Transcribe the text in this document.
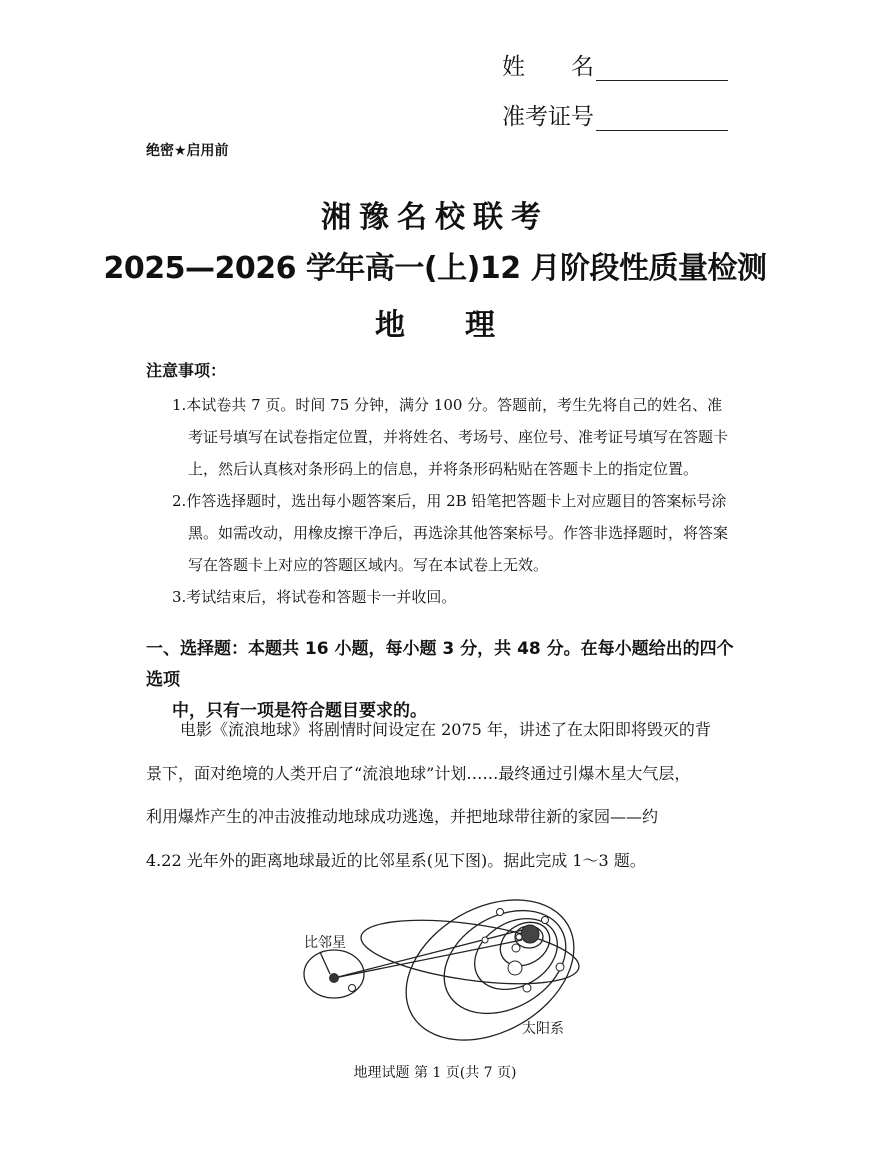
姓　　名
准考证号
绝密★启用前
湘豫名校联考
2025—2026 学年高一(上)12 月阶段性质量检测
地理
注意事项：

1.本试卷共 7 页。时间 75 分钟，满分 100 分。答题前，考生先将自己的姓名、准考证号填写在试卷指定位置，并将姓名、考场号、座位号、准考证号填写在答题卡上，然后认真核对条形码上的信息，并将条形码粘贴在答题卡上的指定位置。

2.作答选择题时，选出每小题答案后，用 2B 铅笔把答题卡上对应题目的答案标号涂黑。如需改动，用橡皮擦干净后，再选涂其他答案标号。作答非选择题时，将答案写在答题卡上对应的答题区域内。写在本试卷上无效。

3.考试结束后，将试卷和答题卡一并收回。

一、选择题：本题共 16 小题，每小题 3 分，共 48 分。在每小题给出的四个选项
中，只有一项是符合题目要求的。
电影《流浪地球》将剧情时间设定在 2075 年，讲述了在太阳即将毁灭的背
景下，面对绝境的人类开启了“流浪地球”计划……最终通过引爆木星大气层，
利用爆炸产生的冲击波推动地球成功逃逸，并把地球带往新的家园——约
4.22 光年外的距离地球最近的比邻星系(见下图)。据此完成 1～3 题。
比邻星
太阳系
地理试题 第 1 页(共 7 页)
